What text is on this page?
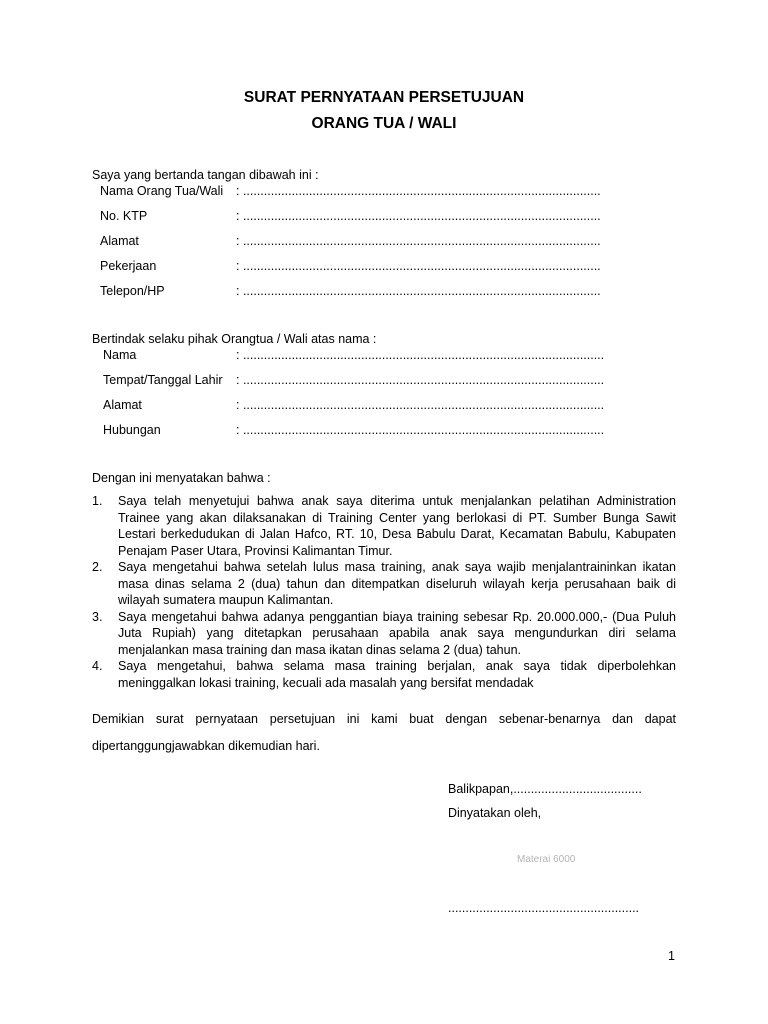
SURAT PERNYATAAN PERSETUJUAN
ORANG TUA / WALI
Saya yang bertanda tangan dibawah ini :
Nama Orang Tua/Wali : .......................................................................................................
No. KTP	: .......................................................................................................
Alamat	: .......................................................................................................
Pekerjaan	: .......................................................................................................
Telepon/HP	: .......................................................................................................
Bertindak selaku pihak Orangtua / Wali atas nama :
Nama	: ........................................................................................................
Tempat/Tanggal Lahir : ........................................................................................................
Alamat	: ........................................................................................................
Hubungan	: ........................................................................................................
Dengan ini menyatakan bahwa :
1. Saya telah menyetujui bahwa anak saya diterima untuk menjalankan pelatihan Administration Trainee yang akan dilaksanakan di Training Center yang berlokasi di PT. Sumber Bunga Sawit Lestari berkedudukan di Jalan Hafco, RT. 10, Desa Babulu Darat, Kecamatan Babulu, Kabupaten Penajam Paser Utara, Provinsi Kalimantan Timur.
2. Saya mengetahui bahwa setelah lulus masa training, anak saya wajib menjalantraininkan ikatan masa dinas selama 2 (dua) tahun dan ditempatkan diseluruh wilayah kerja perusahaan baik di wilayah sumatera maupun Kalimantan.
3. Saya mengetahui bahwa adanya penggantian biaya training sebesar Rp. 20.000.000,- (Dua Puluh Juta Rupiah) yang ditetapkan perusahaan apabila anak saya mengundurkan diri selama menjalankan masa training dan masa ikatan dinas selama 2 (dua) tahun.
4. Saya mengetahui, bahwa selama masa training berjalan, anak saya tidak diperbolehkan meninggalkan lokasi training, kecuali ada masalah yang bersifat mendadak
Demikian surat pernyataan persetujuan ini kami buat dengan sebenar-benarnya dan dapat dipertanggungjawabkan dikemudian hari.
Balikpapan,.....................................
Dinyatakan oleh,
Materai 6000
.......................................................
1
